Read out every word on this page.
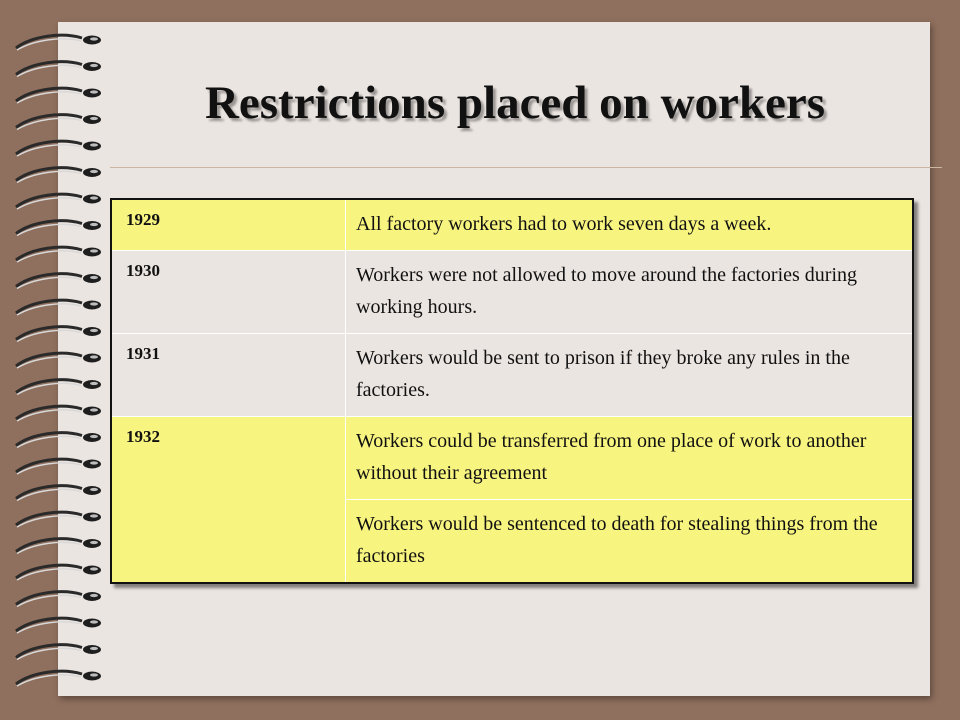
Restrictions placed on workers
1929	All factory workers had to work seven days a week.
1930	Workers were not allowed to move around the factories during working hours.
1931	Workers would be sent to prison if they broke any rules in the factories.
1932	Workers could be transferred from one place of work to another without their agreement
	Workers would be sentenced to death for stealing things from the factories
